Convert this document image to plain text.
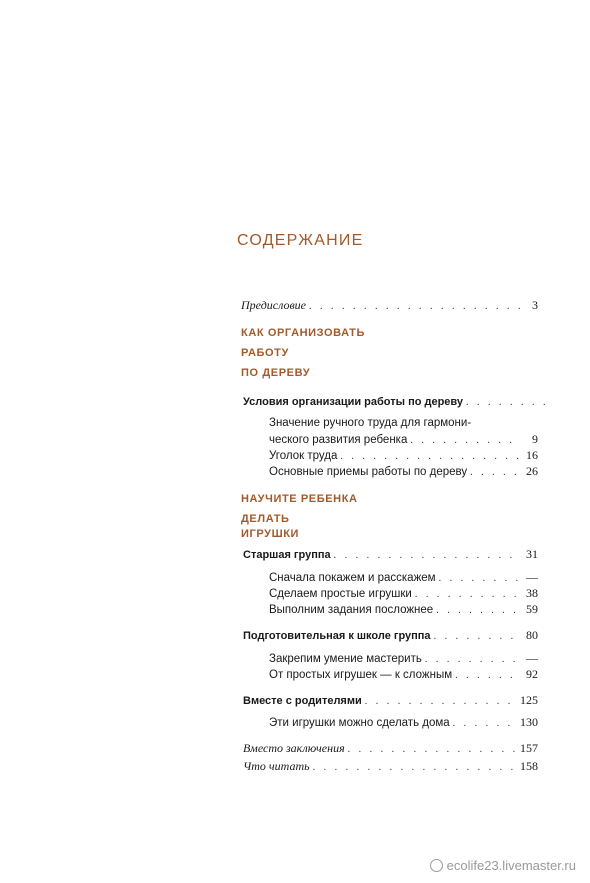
СОДЕРЖАНИЕ
Предисловие . . .	3
КАК ОРГАНИЗОВАТЬ
РАБОТУ
ПО ДЕРЕВУ
Условия организации работы по дереву
. . .
Значение ручного труда для гармони-
ческого развития ребенка . . .	9
Уголок труда . . .	16
Основные приемы работы по дереву . . .	26
НАУЧИТЕ РЕБЕНКА
ДЕЛАТЬ
ИГРУШКИ
Старшая группа . . .	31
Сначала покажем и расскажем . . .	—
Сделаем простые игрушки . . .	38
Выполним задания посложнее . . .	59
Подготовительная к школе группа . . .	80
Закрепим умение мастерить . . .	—
От простых игрушек — к сложным . . .	92
Вместе с родителями . . .	125
Эти игрушки можно сделать дома . . .	130
Вместо заключения . . .	157
Что читать . . .	158
ecolife23.livemaster.ru
